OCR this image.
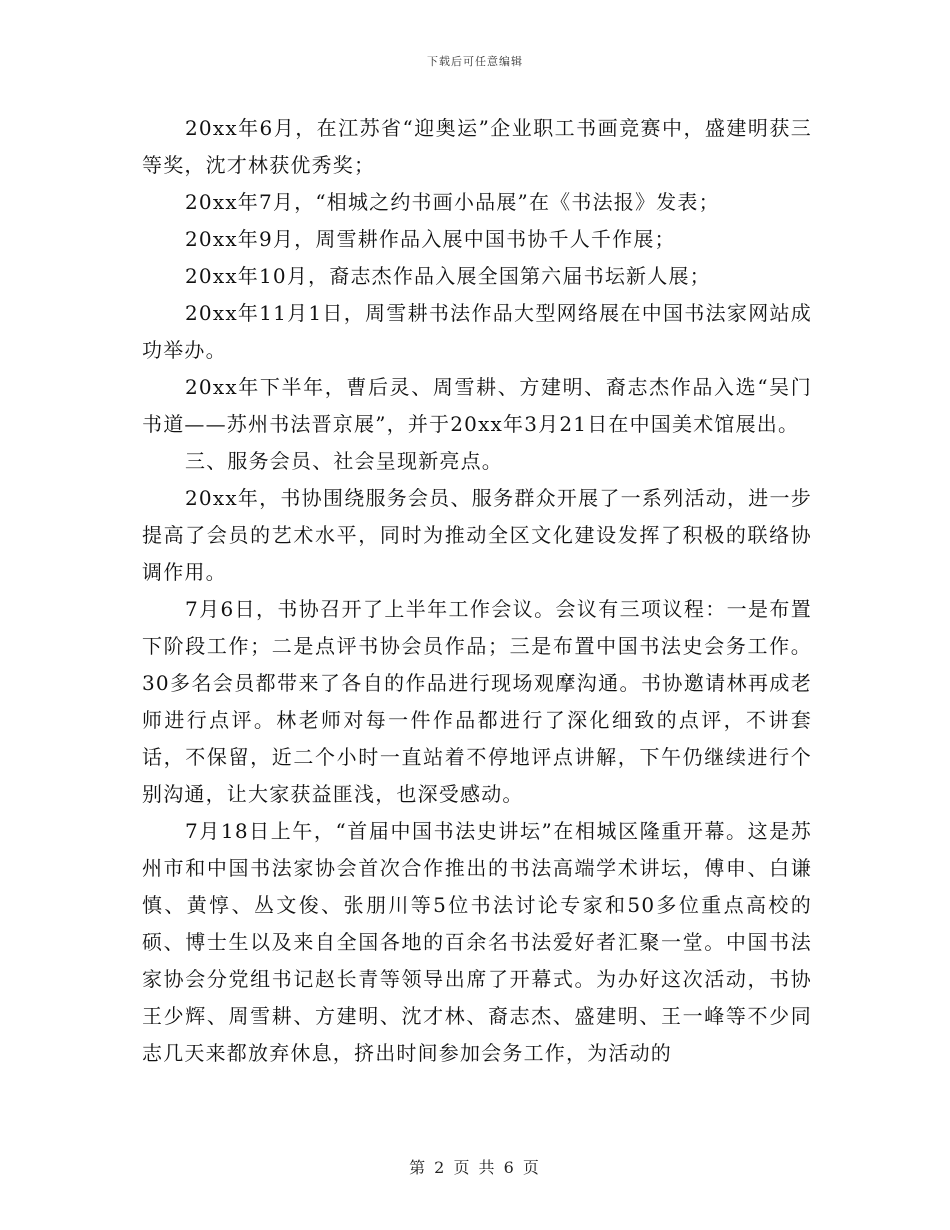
下载后可任意编辑

20xx年6月，在江苏省“迎奥运”企业职工书画竞赛中，盛建明获三等奖，沈才林获优秀奖；

20xx年7月，“相城之约书画小品展”在《书法报》发表；

20xx年9月，周雪耕作品入展中国书协千人千作展；

20xx年10月，裔志杰作品入展全国第六届书坛新人展；

20xx年11月1日，周雪耕书法作品大型网络展在中国书法家网站成功举办。

20xx年下半年，曹后灵、周雪耕、方建明、裔志杰作品入选“吴门书道——苏州书法晋京展”，并于20xx年3月21日在中国美术馆展出。

三、服务会员、社会呈现新亮点。

20xx年，书协围绕服务会员、服务群众开展了一系列活动，进一步提高了会员的艺术水平，同时为推动全区文化建设发挥了积极的联络协调作用。

7月6日，书协召开了上半年工作会议。会议有三项议程：一是布置下阶段工作；二是点评书协会员作品；三是布置中国书法史会务工作。30多名会员都带来了各自的作品进行现场观摩沟通。书协邀请林再成老师进行点评。林老师对每一件作品都进行了深化细致的点评，不讲套话，不保留，近二个小时一直站着不停地评点讲解，下午仍继续进行个别沟通，让大家获益匪浅，也深受感动。

7月18日上午，“首届中国书法史讲坛”在相城区隆重开幕。这是苏州市和中国书法家协会首次合作推出的书法高端学术讲坛，傅申、白谦慎、黄惇、丛文俊、张朋川等5位书法讨论专家和50多位重点高校的硕、博士生以及来自全国各地的百余名书法爱好者汇聚一堂。中国书法家协会分党组书记赵长青等领导出席了开幕式。为办好这次活动，书协王少辉、周雪耕、方建明、沈才林、裔志杰、盛建明、王一峰等不少同志几天来都放弃休息，挤出时间参加会务工作，为活动的

第 2 页 共 6 页
